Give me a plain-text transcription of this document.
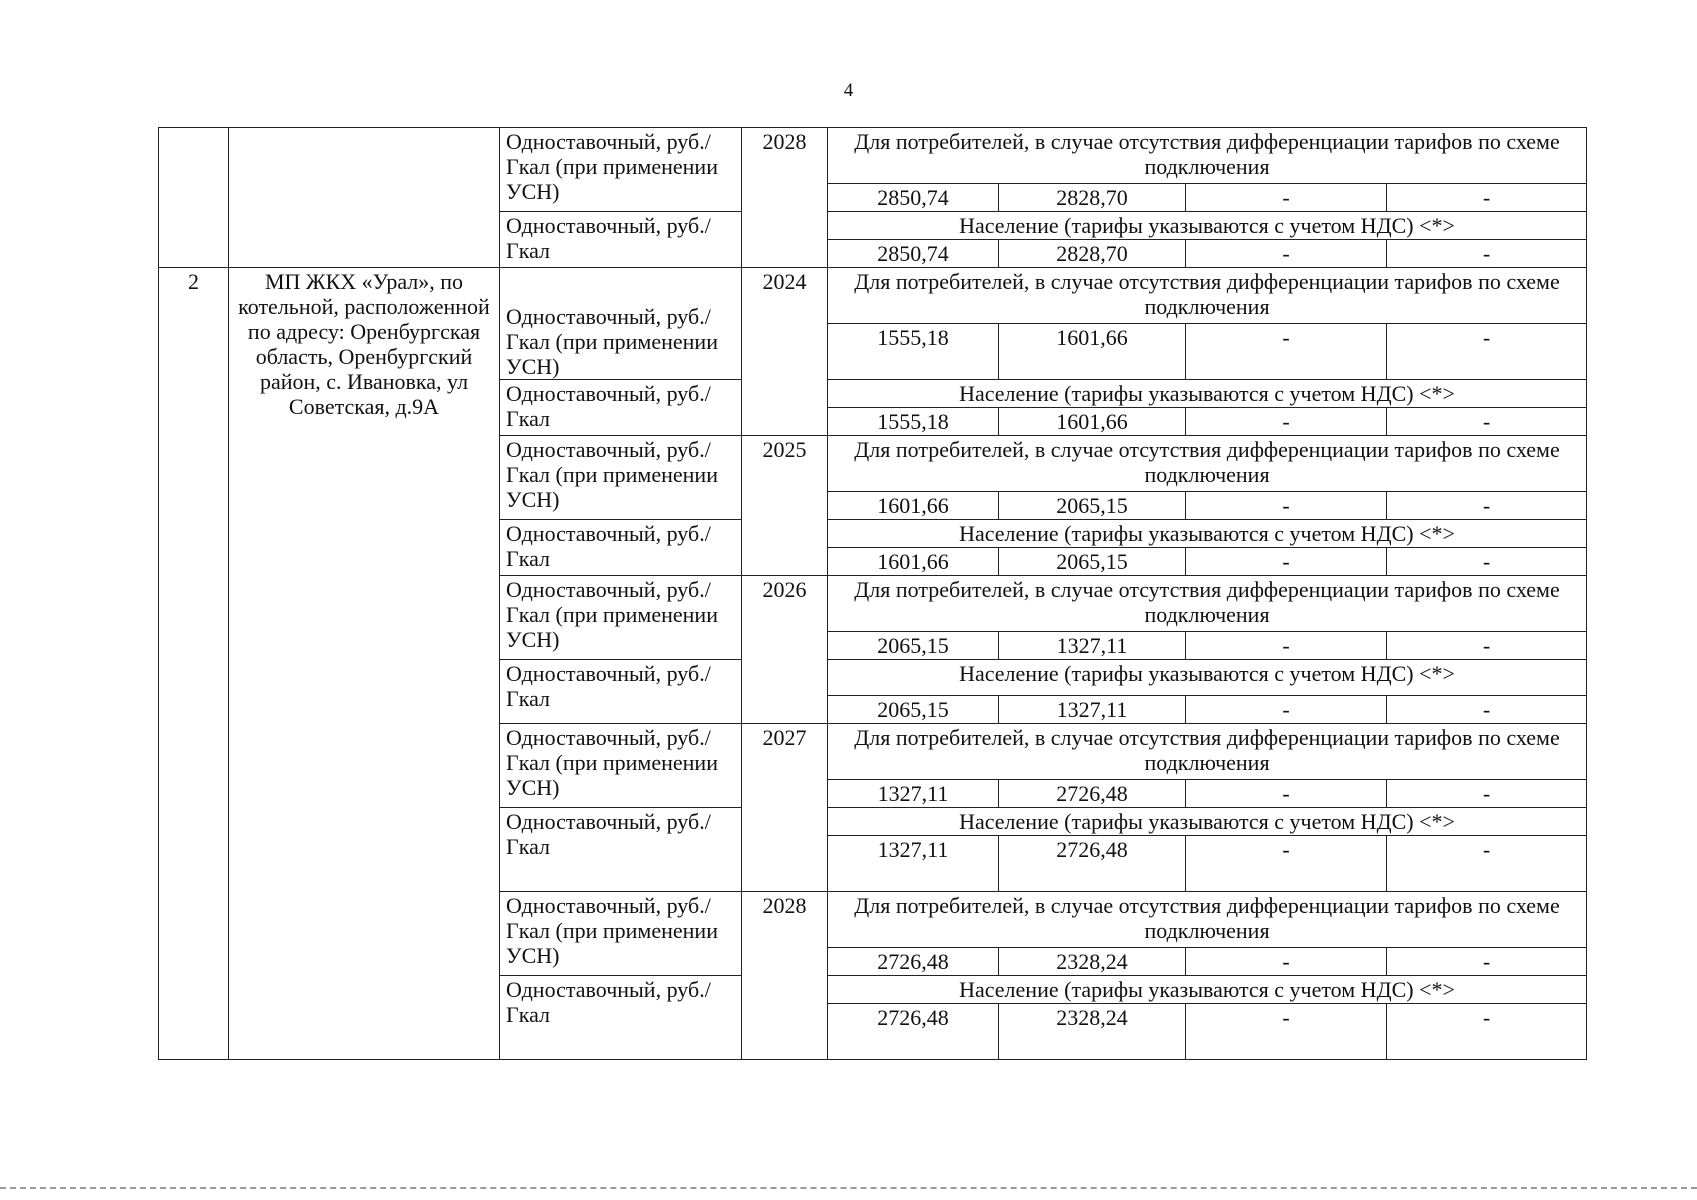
4
		Одноставочный, руб./Гкал (при применении УСН)	2028	Для потребителей, в случае отсутствия дифференциации тарифов по схеме подключения			
				2850,74	2828,70	-	-
		Одноставочный, руб./Гкал		Население (тарифы указываются с учетом НДС) <*>			
				2850,74	2828,70	-	-
2	МП ЖКХ «Урал», по котельной, расположенной по адресу: Оренбургская область, Оренбургский район, с. Ивановка, ул Советская, д.9А	Одноставочный, руб./Гкал (при применении УСН)	2024	Для потребителей, в случае отсутствия дифференциации тарифов по схеме подключения			
				1555,18	1601,66	-	-
		Одноставочный, руб./Гкал		Население (тарифы указываются с учетом НДС) <*>			
				1555,18	1601,66	-	-
		Одноставочный, руб./Гкал (при применении УСН)	2025	Для потребителей, в случае отсутствия дифференциации тарифов по схеме подключения			
				1601,66	2065,15	-	-
		Одноставочный, руб./Гкал		Население (тарифы указываются с учетом НДС) <*>			
				1601,66	2065,15	-	-
		Одноставочный, руб./Гкал (при применении УСН)	2026	Для потребителей, в случае отсутствия дифференциации тарифов по схеме подключения			
				2065,15	1327,11	-	-
		Одноставочный, руб./Гкал		Население (тарифы указываются с учетом НДС) <*>			
				2065,15	1327,11	-	-
		Одноставочный, руб./Гкал (при применении УСН)	2027	Для потребителей, в случае отсутствия дифференциации тарифов по схеме подключения			
				1327,11	2726,48	-	-
		Одноставочный, руб./Гкал		Население (тарифы указываются с учетом НДС) <*>			
				1327,11	2726,48	-	-
		Одноставочный, руб./Гкал (при применении УСН)	2028	Для потребителей, в случае отсутствия дифференциации тарифов по схеме подключения			
				2726,48	2328,24	-	-
		Одноставочный, руб./Гкал		Население (тарифы указываются с учетом НДС) <*>			
				2726,48	2328,24	-	-
